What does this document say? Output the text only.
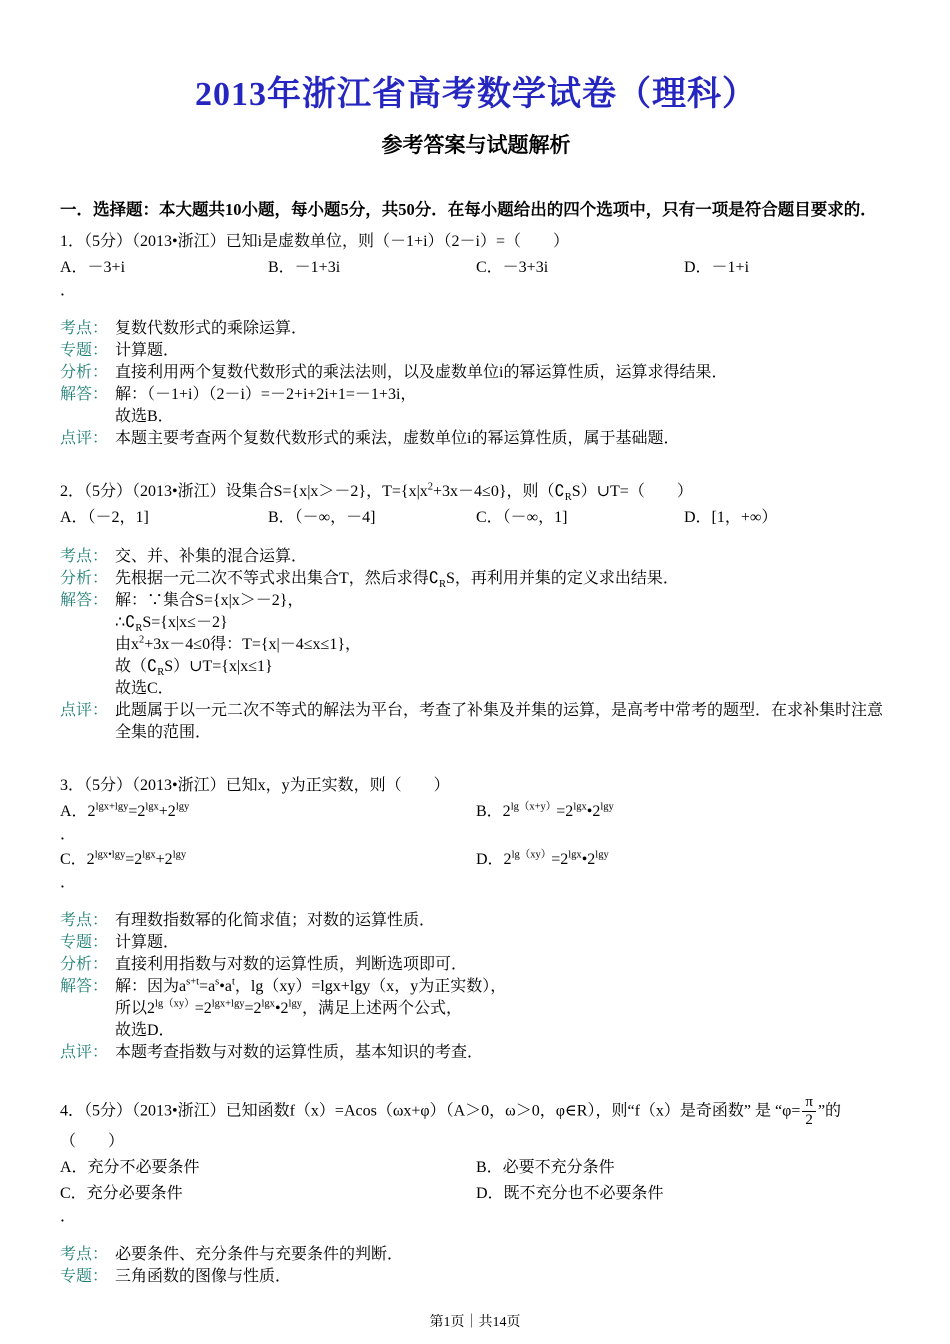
2013年浙江省高考数学试卷（理科）
参考答案与试题解析

一．选择题：本大题共10小题，每小题5分，共50分．在每小题给出的四个选项中，只有一项是符合题目要求的．

1．（5分）（2013•浙江）已知i是虚数单位，则（－1+i）（2－i）=（　　）

A．－3+i	B．－1+3i	C．－3+3i	D．－1+i

．

考点： 复数代数形式的乘除运算．
专题： 计算题．
分析： 直接利用两个复数代数形式的乘法法则，以及虚数单位i的幂运算性质，运算求得结果．
解答： 解：（－1+i）（2－i）=－2+i+2i+1=－1+3i，
故选B．
点评： 本题主要考查两个复数代数形式的乘法，虚数单位i的幂运算性质，属于基础题．

2．（5分）（2013•浙江）设集合S={x|x＞－2}，$T=\{x|x^2+3x-4\le 0\}$，则$(∁_RS)\cup T=$（　　）

A．（－2，1]	B．（－∞，－4]	C．（－∞，1]	D．[1，+∞）
考点： 交、并、补集的混合运算．
分析： 先根据一元二次不等式求出集合T，然后求得$∁_RS$，再利用并集的定义求出结果．
解答： 解：∵集合S={x|x＞－2}，
$\therefore∁_RS=\{x|x\le-2\}$
由$x^2+3x-4\le 0$得：T={x|－4≤x≤1}，
故$(∁_RS)\cup T=\{x|x\le 1\}$
故选C．
点评： 此题属于以一元二次不等式的解法为平台，考查了补集及并集的运算，是高考中常考的题型．在求补集时注意全集的范围．

3．（5分）（2013•浙江）已知x，y为正实数，则（　　）

A．$2^{lgx+lgy}=2^{lgx}+2^{lgy}$	B．$2^{lg(x+y)}=2^{lgx}•2^{lgy}$

．

C．$2^{lgx•lgy}=2^{lgx}+2^{lgy}$	D．$2^{lg(xy)}=2^{lgx}•2^{lgy}$

．

考点： 有理数指数幂的化简求值；对数的运算性质．
专题： 计算题．
分析： 直接利用指数与对数的运算性质，判断选项即可．
解答： 解：因为$a^{s+t}=a^s•a^t$，lg（xy）=lgx+lgy（x，y为正实数），
所以$2^{lg(xy)}=2^{lgx+lgy}=2^{lgx}•2^{lgy}$，满足上述两个公式，
故选D．
点评： 本题考查指数与对数的运算性质，基本知识的考查．

4．（5分）（2013•浙江）已知函数f（x）=Acos（ωx+φ）（A＞0，ω＞0，φ∈R），则“f（x）是奇函数” 是 “$\varphi= \frac{\pi}{2}$ ”的（　　）

A．充分不必要条件	B．必要不充分条件
C．充分必要条件	D．既不充分也不必要条件

．

考点： 必要条件、充分条件与充要条件的判断．
专题： 三角函数的图像与性质．
第1页｜共14页
